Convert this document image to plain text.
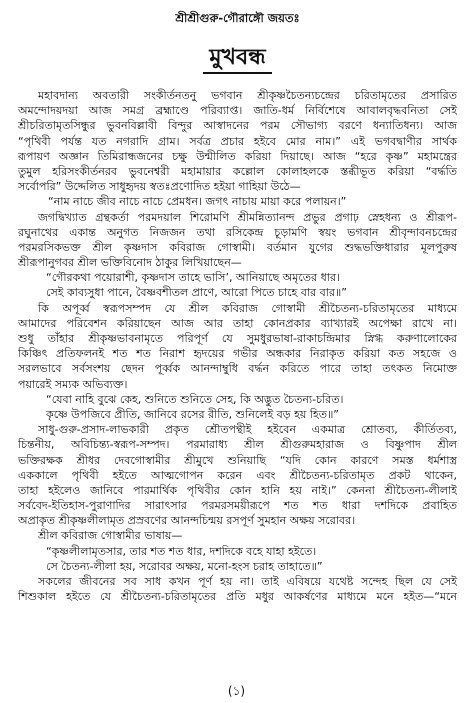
শ্রীশ্রীগুরু-গৌরাঙ্গৌ জয়তঃ
মুখবন্ধ
মহাবদান্য অবতারী সংকীর্তনতনু ভগবান শ্রীকৃষ্ণচৈতন্যচন্দ্রের চরিতামৃতের প্রসারিত
অমন্দোদয়দয়া আজ সমগ্র ব্রহ্মাণ্ডে পরিব্যাপ্ত। জাতি-ধর্ম নির্বিশেষে আবালবৃদ্ধবনিতা সেই
শ্রীচরিতামৃতসিন্ধুর ভুবনবিল্লাবী বিন্দুর আস্বাদনের পরম সৌভাগ্য বরণে ধন্যাতিধন্য। আজ
“পৃথিবী পর্যন্ত যত নগরাদি গ্রাম। সর্বত্র প্রচার হইবে মোর নাম।” এই ভগবদ্বাণীর সার্থক
রূপায়ণ অজ্ঞান তিমিরান্ধজনের চক্ষু উন্মীলিত করিয়া দিয়াছে। আজ “হরে কৃষ্ণ” মহামন্ত্রের
তুমুল হরিসংকীর্তনরব ভুবনেশ্বরী মহামায়ার কল্লোল কোলাহলকে স্তব্ধীভূত করিয়া “বর্দ্ধতি
সর্বোপরি” উদ্দেলিত সাধুহৃদয় স্বতঃপ্রণোদিত হইয়া গাহিয়া উঠে—
“নাম নাচে জীব নাচে নাচে প্রেমধন। জগৎ নাচায় মায়া করে পলায়ন।”
জগদ্বিখ্যাত গ্রন্থকর্তা পরমদয়াল শিরোমণি শ্রীমন্নিত্যানন্দ প্রভুর প্রগাঢ় স্নেহধন্য ও শ্রীরূপ-
রঘুনাথের একান্ত অনুগত নিজজন তথা রসিকেন্দ্র চূড়ামণি স্বয়ং ভগবান শ্রীবৃন্দাবনচন্দ্রের
পরমরসিকভক্ত শ্রীল কৃষ্ণদাস কবিরাজ গোস্বামী। বর্তমান যুগের শুদ্ধভক্তিধারার মূলপুরুষ
শ্রীরূপানুগবর শ্রীল ভক্তিবিনোদ ঠাকুর লিখিয়াছেন—
“গৌরকথা পয়োরাশী, কৃষ্ণদাস তাহে ভাসি’, আনিয়াছে অমৃতের ধার।
সেই কাব্যসুধা পানে, বৈষ্ণবশীতল প্রাণে, আরো পিতে চাহে বার বার॥”
কি অপূর্ব্ব স্বরূপসম্পদ যে শ্রীল কবিরাজ গোস্বামী শ্রীচৈতন্য-চরিতামৃতের মাধ্যমে
আমাদের পরিবেশন করিয়াছেন আজ আর তাহা কোনপ্রকার ব্যাখ্যারই অপেক্ষা রাখে না।
শুধু তাঁহার শ্রীকৃষ্ণভাবনামৃতে পরিপূর্ণ যে সুমধুরভাষা-রাকাচন্দ্রিমার স্নিগ্ধ করুণালোকের
কিঞ্চিৎ প্রতিফলনই শত শত নিরাশ হৃদয়ের গভীর অন্ধকার নিরাকৃত করিয়া কত সহজে ও
সরলভাবে সর্বসংশয় ছেদন পূর্ব্বক আনন্দাম্বুধি বর্দ্ধন করিতে পারে তাহা তৎকত নিমোক্ত
পয়ারেই সম্যক অভিব্যক্ত।
“যেবা নাহি বুঝে কেহ, শুনিতে শুনিতে সেহ, কি অদ্ভুত চৈতন্য-চরিত।
কৃষ্ণে উপজিবে প্রীতি, জানিবে রসের রীতি, শুনিলেই বড় হয় হিত॥”
সাধু-গুরু-প্রসাদ-লাভকারী প্রকৃত শ্রৌতপন্থীই হইবেন একমাত্র শ্রোতব্য, কীর্তিতব্য,
চিন্তনীয়, অবিচিন্ত্য-স্বরূপ-সম্পদ। পরমারাধ্য শ্রীল শ্রীগুরুমহারাজ ও বিষ্ণুপাদ শ্রীল
ভক্তিরক্ষক শ্রীধর দেবগোস্বামীর শ্রীমুখে শুনিয়াছি “যদি কোন কারণে সমস্ত ধর্মশাস্ত্র
এককালে পৃথিবী হইতে আত্মগোপন করেন এবং শ্রীচৈতন্য-চরিতামৃত প্রকট থাকেন,
তাহা হইলেও জানিবে পারমার্থিক পৃথিবীর কোন হানি হয় নাই।” কেননা শ্রীচৈতন্য-লীলাই
সর্ববেদ-ইতিহাস-পুরাণাদির সারাৎসার পরমরসময়ীরূপে শত শত ধারা দশদিকে প্রবাহিত
অপ্রাকৃত শ্রীকৃষ্ণলীলামৃত প্রস্রবণের আনন্দচিন্ময় রসপূর্ণ সুমহান অক্ষয় সরোবর।
শ্রীল কবিরাজ গোস্বামীর ভাষায়—
“কৃষ্ণলীলামৃতসার, তার শত শত ধার, দশদিকে বহে যাহা হইতে।
সে চৈতন্য-লীলা হয়, সরোবর অক্ষয়, মনো-হংস চরাহ তাহাতে॥”
সকলের জীবনের সব সাধ কখন পূর্ণ হয় না। তাই এবিষয়ে যথেষ্ট সন্দেহ ছিল যে সেই
শিশুকাল হইতে যে শ্রীচৈতন্য-চরিতামৃতের প্রতি মধুর আকর্ষণের মাধ্যমে মনে হইত—“মনে
(১)
